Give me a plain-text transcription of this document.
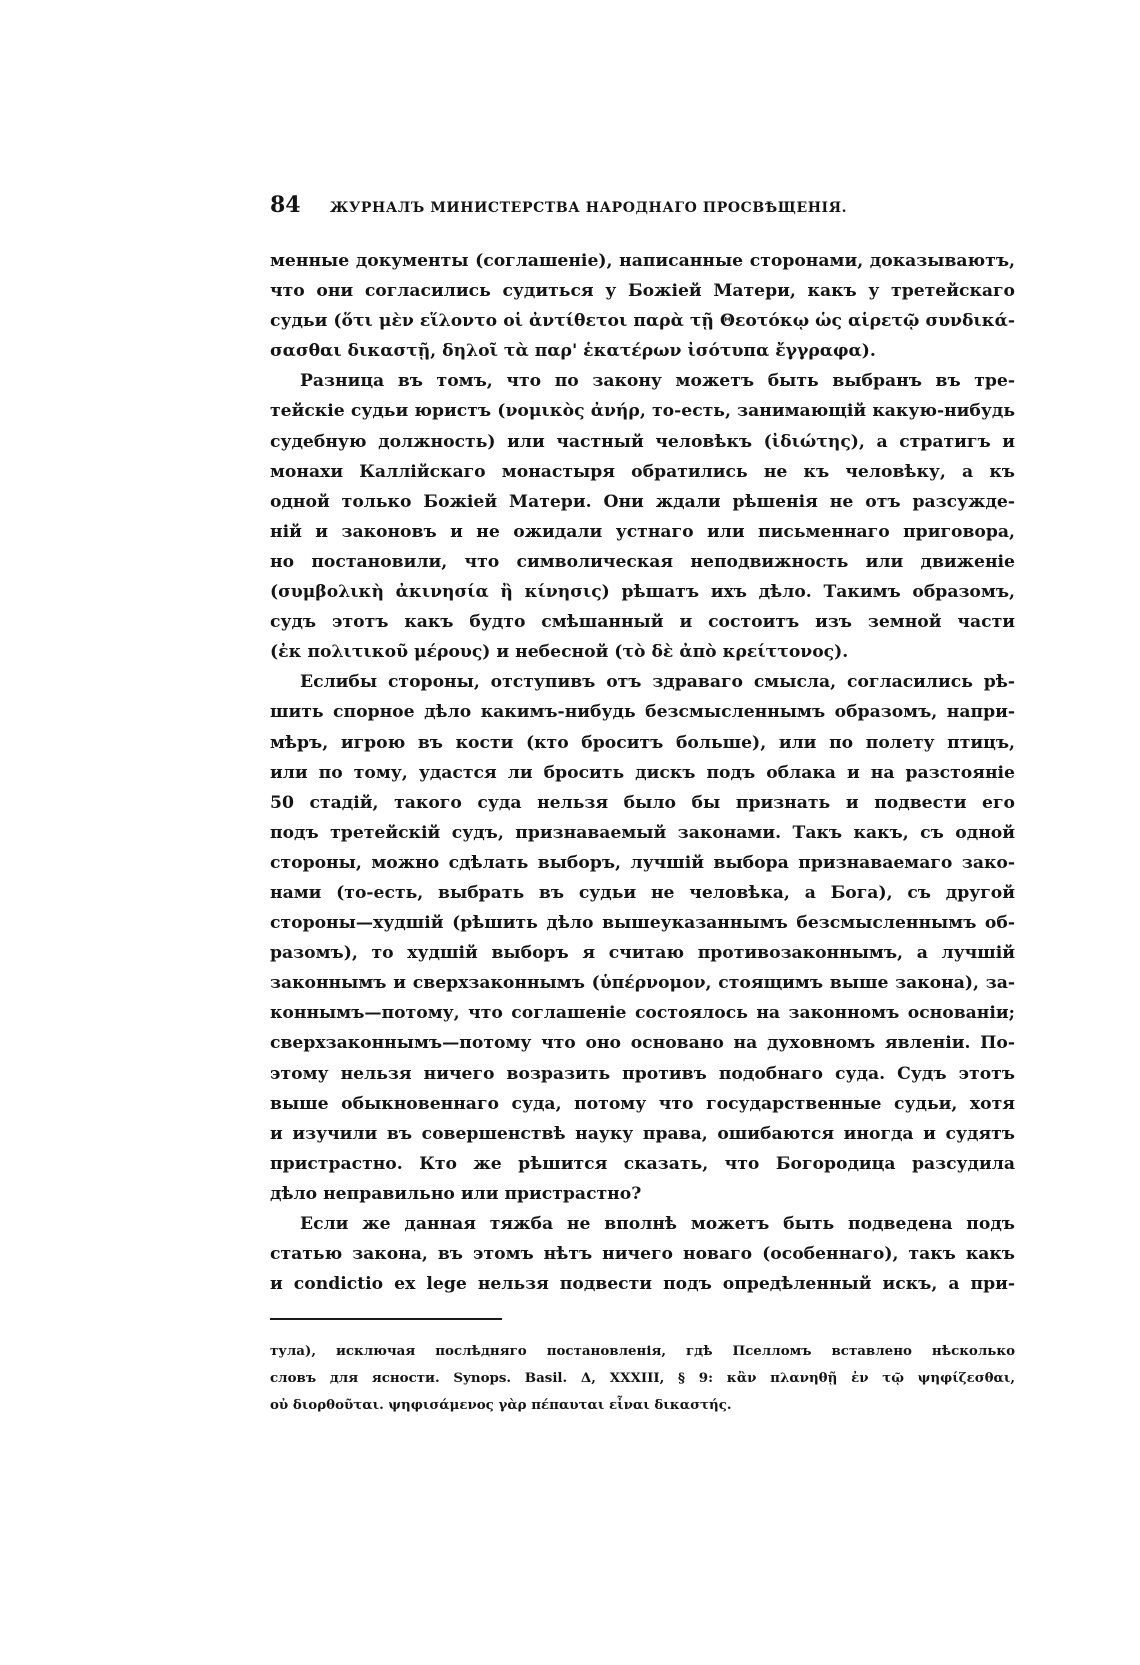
84	ЖУРНАЛЪ МИНИСТЕРСТВА НАРОДНАГО ПРОСВѢЩЕНІЯ.
менные документы (соглашеніе), написанные сторонами, доказываютъ,
что они согласились судиться у Божіей Матери, какъ у третейскаго
судьи (ὅτι μὲν εἵλοντο οἱ ἀντίθετοι παρὰ τῇ Θεοτόκῳ ὡς αἱρετῷ συνδικά-
σασθαι δικαστῇ, δηλοῖ τὰ παρ' ἑκατέρων ἰσότυπα ἔγγραφα).
Разница въ томъ, что по закону можетъ быть выбранъ въ тре-
тейскіе судьи юристъ (νομικὸς ἀνήρ, то-есть, занимающій какую-нибудь
судебную должность) или частный человѣкъ (ἰδιώτης), а стратигъ и
монахи Каллійскаго монастыря обратились не къ человѣку, а къ
одной только Божіей Матери. Они ждали рѣшенія не отъ разсужде-
ній и законовъ и не ожидали устнаго или письменнаго приговора,
но постановили, что символическая неподвижность или движеніе
(συμβολικὴ ἀκινησία ἢ κίνησις) рѣшатъ ихъ дѣло. Такимъ образомъ,
судъ этотъ какъ будто смѣшанный и состоитъ изъ земной части
(ἐκ πολιτικοῦ μέρους) и небесной (τὸ δὲ ἀπὸ κρείττονος).
Еслибы стороны, отступивъ отъ здраваго смысла, согласились рѣ-
шить спорное дѣло какимъ-нибудь безсмысленнымъ образомъ, напри-
мѣръ, игрою въ кости (кто броситъ больше), или по полету птицъ,
или по тому, удастся ли бросить дискъ подъ облака и на разстояніе
50 стадій, такого суда нельзя было бы признать и подвести его
подъ третейскій судъ, признаваемый законами. Такъ какъ, съ одной
стороны, можно сдѣлать выборъ, лучшій выбора признаваемаго зако-
нами (то-есть, выбрать въ судьи не человѣка, а Бога), съ другой
стороны—худшій (рѣшить дѣло вышеуказаннымъ безсмысленнымъ об-
разомъ), то худшій выборъ я считаю противозаконнымъ, а лучшій
законнымъ и сверхзаконнымъ (ὑπέρνομον, стоящимъ выше закона), за-
коннымъ—потому, что соглашеніе состоялось на законномъ основаніи;
сверхзаконнымъ—потому что оно основано на духовномъ явленіи. По-
этому нельзя ничего возразить противъ подобнаго суда. Судъ этотъ
выше обыкновеннаго суда, потому что государственные судьи, хотя
и изучили въ совершенствѣ науку права, ошибаются иногда и судятъ
пристрастно. Кто же рѣшится сказать, что Богородица разсудила
дѣло неправильно или пристрастно?
Если же данная тяжба не вполнѣ можетъ быть подведена подъ
статью закона, въ этомъ нѣтъ ничего новаго (особеннаго), такъ какъ
и condictio ex lege нельзя подвести подъ опредѣленный искъ, а при-
тула), исключая послѣдняго постановленія, гдѣ Пселломъ вставлено нѣсколько
словъ для ясности. Synops. Basil. Δ, XXXIII, § 9: κἂν πλανηθῇ ἐν τῷ ψηφίζεσθαι,
οὐ διορθοῦται. ψηφισάμενος γὰρ πέπαυται εἶναι δικαστής.
